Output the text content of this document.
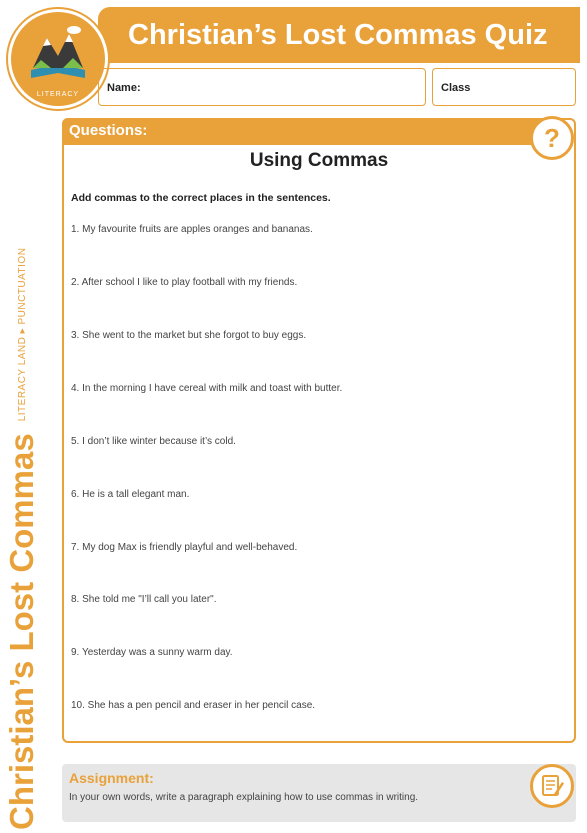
Christian’s Lost Commas Quiz
LITERACY
Name:	Class
Christian’s Lost Commas
LITERACY LAND ▸ PUNCTUATION
Questions:
Using Commas
Add commas to the correct places in the sentences.
1. My favourite fruits are apples oranges and bananas.
2. After school I like to play football with my friends.
3. She went to the market but she forgot to buy eggs.
4. In the morning I have cereal with milk and toast with butter.
5. I don’t like winter because it’s cold.
6. He is a tall elegant man.
7. My dog Max is friendly playful and well-behaved.
8. She told me "I’ll call you later".
9. Yesterday was a sunny warm day.
10. She has a pen pencil and eraser in her pencil case.
?
Assignment:
In your own words, write a paragraph explaining how to use commas in writing.
